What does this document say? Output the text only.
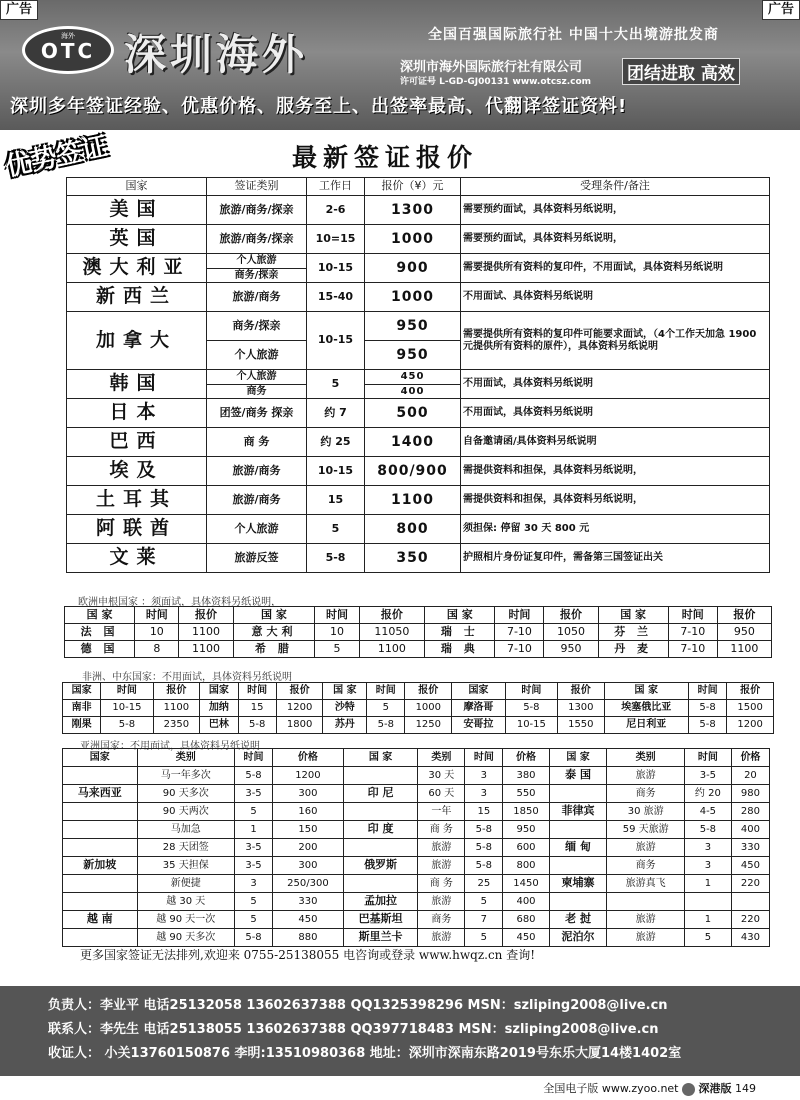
海外
OTC 深圳海外	全国百强国际旅行社 中国十大出境游批发商
深圳市海外国际旅行社有限公司
许可证号 L-GD-GJ00131 www.otcsz.com 团结进取 高效
深圳多年签证经验、优惠价格、服务至上、出签率最高、代翻译签证资料!
广告	广告
优势签证	最新签证报价
国家	签证类别	工作日	报价（¥）元	受理条件/备注
美国	旅游/商务/探亲	2-6	1300	需要预约面试，具体资料另纸说明，
英国	旅游/商务/探亲	10=15	1000	需要预约面试，具体资料另纸说明，
澳大利亚	个人旅游	10-15	900	需要提供所有资料的复印件，不用面试，具体资料另纸说明
	商务/探亲			
新西兰	旅游/商务	15-40	1000	不用面试、具体资料另纸说明
加拿大	商务/探亲	10-15	950	需要提供所有资料的复印件可能要求面试，（4个工作天加急 1900 元提供所有资料的原件），具体资料另纸说明
	个人旅游		950	
韩国	个人旅游	5	450	不用面试，具体资料另纸说明
	商务		400	
日本	团签/商务 探亲	约 7	500	不用面试，具体资料另纸说明
巴西	商 务	约 25	1400	自备邀请函/具体资料另纸说明
埃及	旅游/商务	10-15	800/900	需提供资料和担保，具体资料另纸说明，
土耳其	旅游/商务	15	1100	需提供资料和担保，具体资料另纸说明，
阿联酋	个人旅游	5	800	须担保: 停留 30 天 800 元
文莱	旅游反签	5-8	350	护照相片身份证复印件，需备第三国签证出关
欧洲申根国家 ：须面试，具体资料另纸说明，
国 家	时间	报价	国 家	时间	报价	国 家	时间	报价	国 家	时间	报价
法 国	10	1100	意大利	10	11050	瑞 士	7-10	1050	芬 兰	7-10	950
德 国	8	1100	希 腊	5	1100	瑞 典	7-10	950	丹 麦	7-10	1100
非洲、中东国家：不用面试，具体资料另纸说明
国家	时间	报价	国家	时间	报价	国 家	时间	报价	国家	时间	报价	国 家	时间	报价
南非	10-15	1100	加纳	15	1200	沙特	5	1000	摩洛哥	5-8	1300	埃塞俄比亚	5-8	1500
刚果	5-8	2350	巴林	5-8	1800	苏丹	5-8	1250	安哥拉	10-15	1550	尼日利亚	5-8	1200
亚洲国家：不用面试，具体资料另纸说明
国家	类别	时间	价格	国 家	类别	时间	价格	国 家	类别	时间	价格
	马一年多次	5-8	1200		30 天	3	380	泰 国	旅游	3-5	20
马来西亚	90 天多次	3-5	300	印 尼	60 天	3	550		商务	约 20	980
	90 天两次	5	160		一年	15	1850	菲律宾	30 旅游	4-5	280
	马加急	1	150	印 度	商 务	5-8	950		59 天旅游	5-8	400
	28 天团签	3-5	200		旅游	5-8	600	缅 甸	旅游	3	330
新加坡	35 天担保	3-5	300	俄罗斯	旅游	5-8	800		商务	3	450
	新便捷	3	250/300		商 务	25	1450	柬埔寨	旅游真飞	1	220
	越 30 天	5	330	孟加拉	旅游	5	400				
越 南	越 90 天一次	5	450	巴基斯坦	商务	7	680	老 挝	旅游	1	220
	越 90 天多次	5-8	880	斯里兰卡	旅游	5	450	泥泊尔	旅游	5	430
更多国家签证无法排列,欢迎来 0755-25138055 电咨询或登录 www.hwqz.cn 查询!
负责人：李业平 电话25132058 13602637388 QQ1325398296 MSN：szliping2008@live.cn
联系人：李先生 电话25138055 13602637388 QQ397718483 MSN：szliping2008@live.cn
收证人： 小关13760150876 李明:13510980368 地址：深圳市深南东路2019号东乐大厦14楼1402室
全国电子版 www.zyoo.net 深港版 149
